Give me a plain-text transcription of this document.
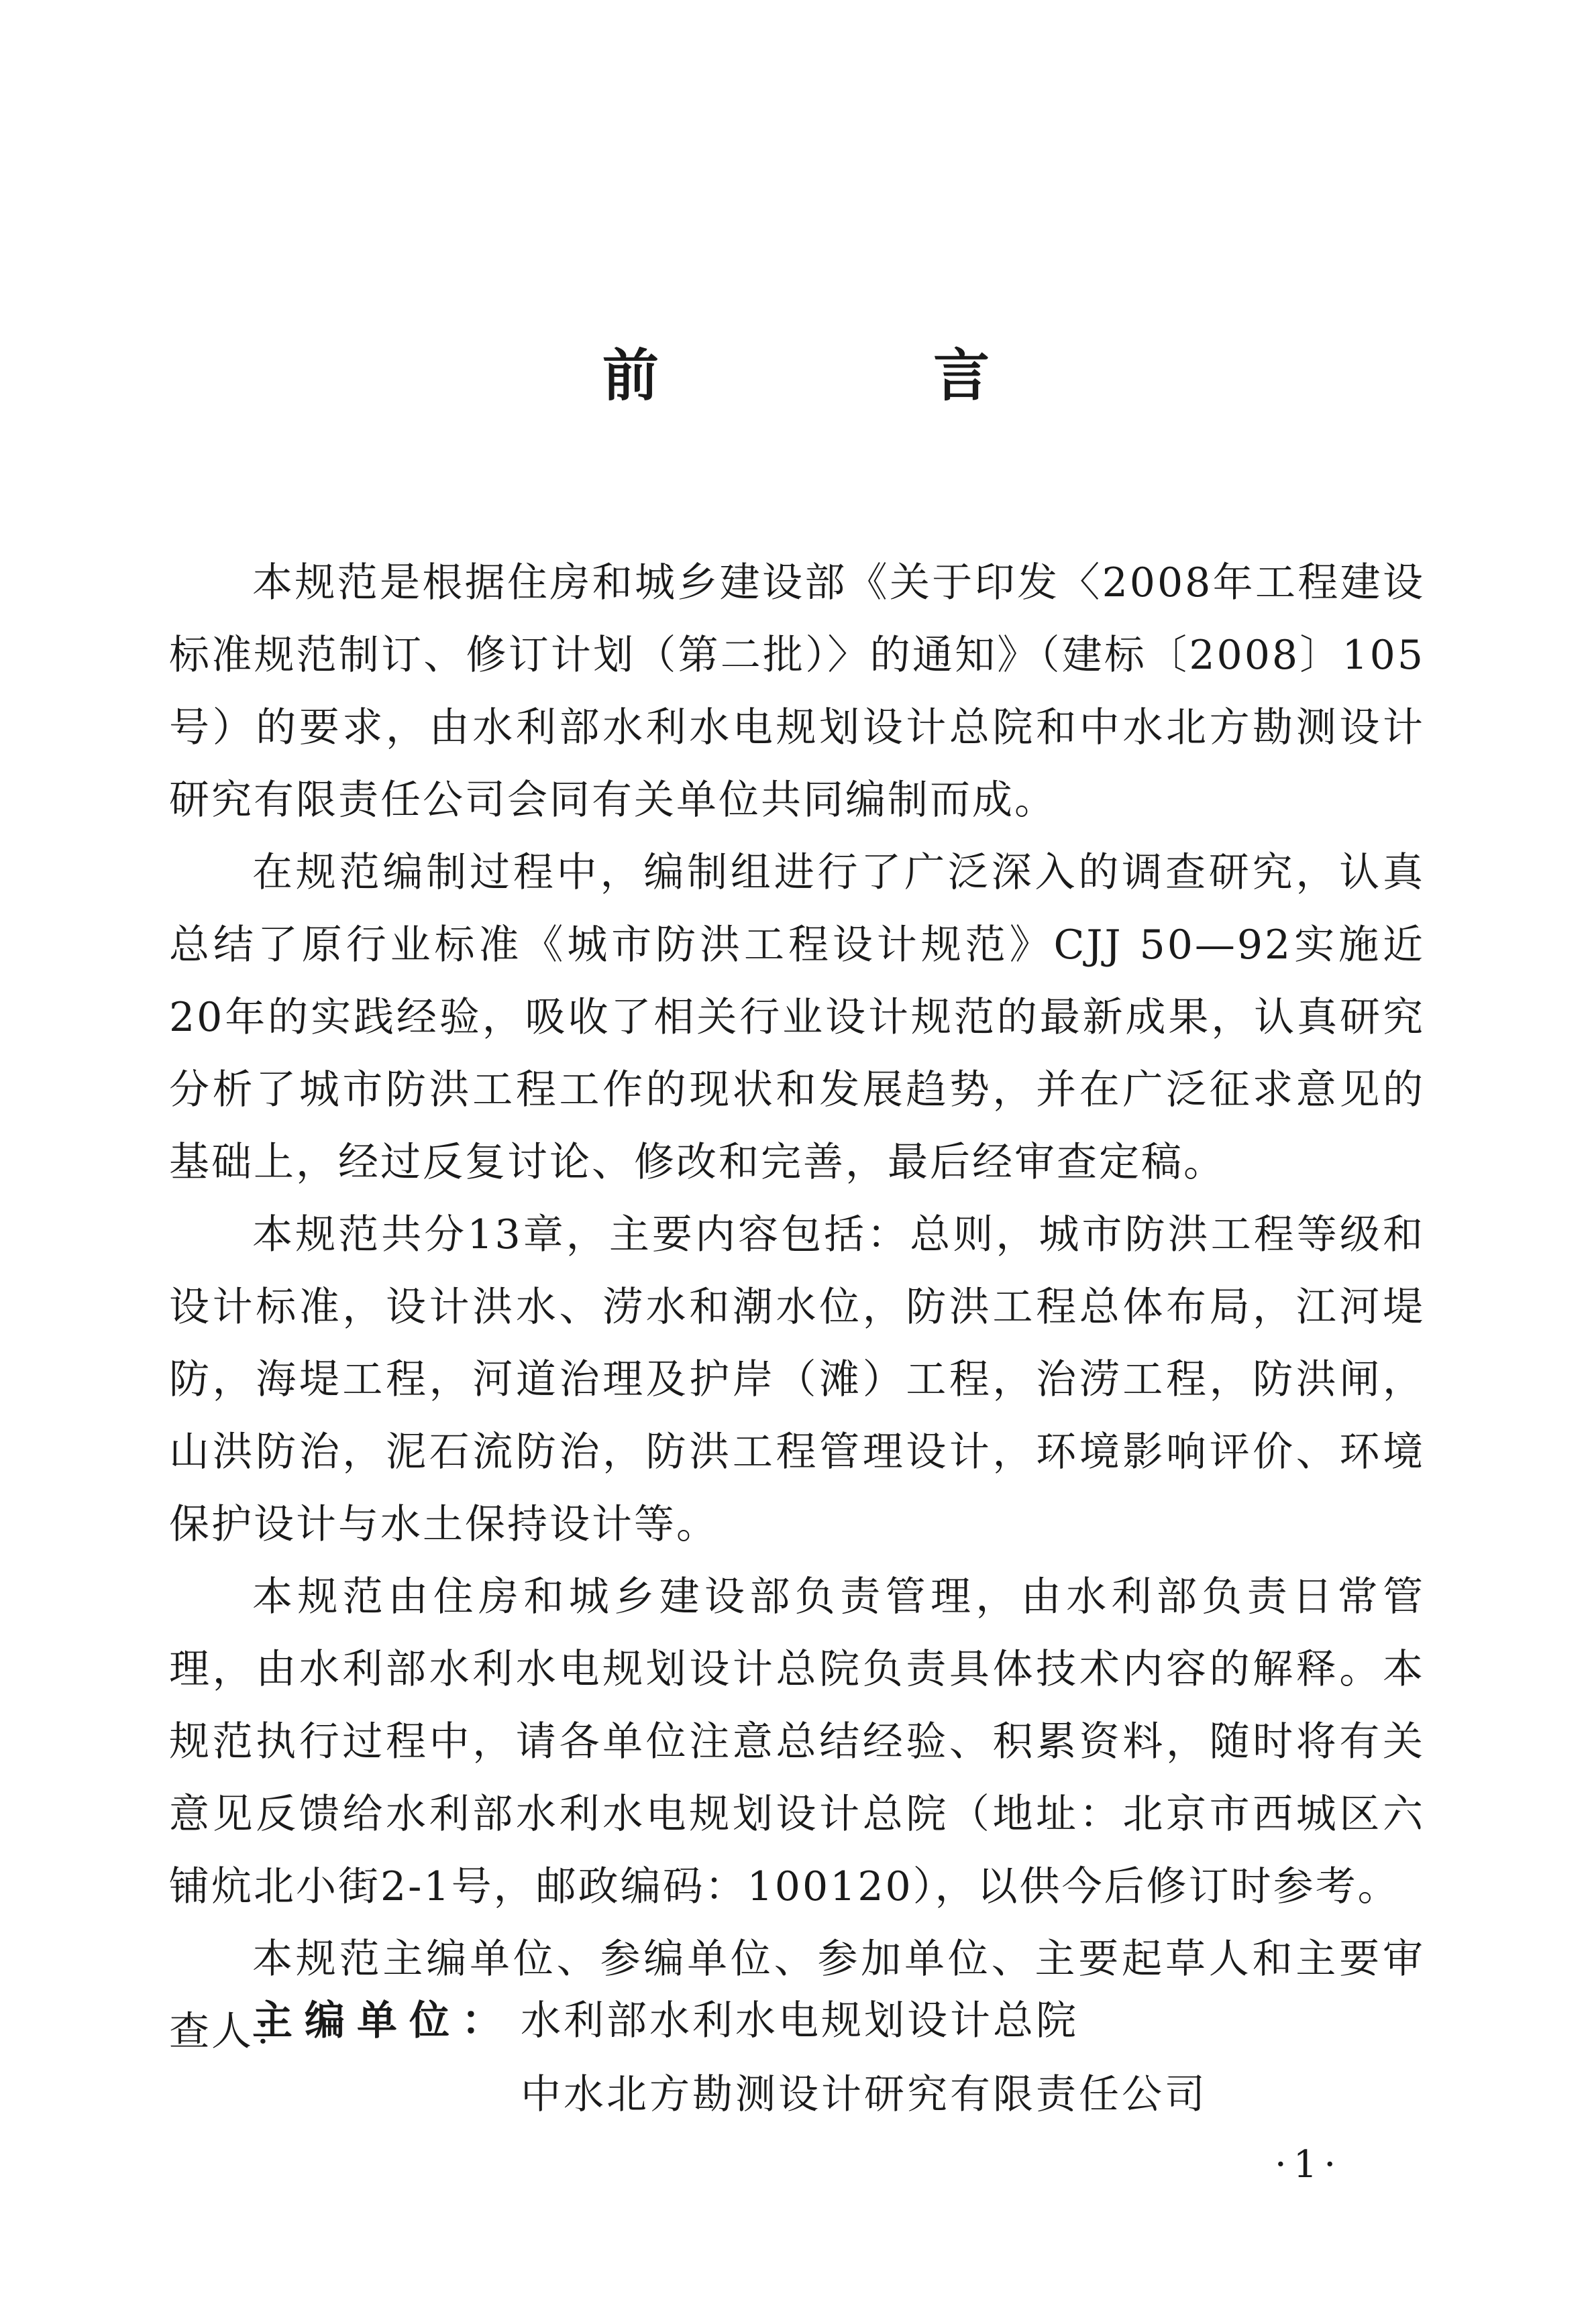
前 言

本规范是根据住房和城乡建设部《关于印发〈2008年工程建设标准规范制订、修订计划（第二批）〉的通知》（建标〔2008〕105号）的要求，由水利部水利水电规划设计总院和中水北方勘测设计研究有限责任公司会同有关单位共同编制而成。

在规范编制过程中，编制组进行了广泛深入的调查研究，认真总结了原行业标准《城市防洪工程设计规范》CJJ 50—92实施近20年的实践经验，吸收了相关行业设计规范的最新成果，认真研究分析了城市防洪工程工作的现状和发展趋势，并在广泛征求意见的基础上，经过反复讨论、修改和完善，最后经审查定稿。

本规范共分13章，主要内容包括：总则，城市防洪工程等级和设计标准，设计洪水、涝水和潮水位，防洪工程总体布局，江河堤防，海堤工程，河道治理及护岸（滩）工程，治涝工程，防洪闸，山洪防治，泥石流防治，防洪工程管理设计，环境影响评价、环境保护设计与水土保持设计等。

本规范由住房和城乡建设部负责管理，由水利部负责日常管理，由水利部水利水电规划设计总院负责具体技术内容的解释。本规范执行过程中，请各单位注意总结经验、积累资料，随时将有关意见反馈给水利部水利水电规划设计总院（地址：北京市西城区六铺炕北小街2-1号，邮政编码：100120），以供今后修订时参考。

本规范主编单位、参编单位、参加单位、主要起草人和主要审查人：

主编单位： 水利部水利水电规划设计总院
中水北方勘测设计研究有限责任公司
·1·
